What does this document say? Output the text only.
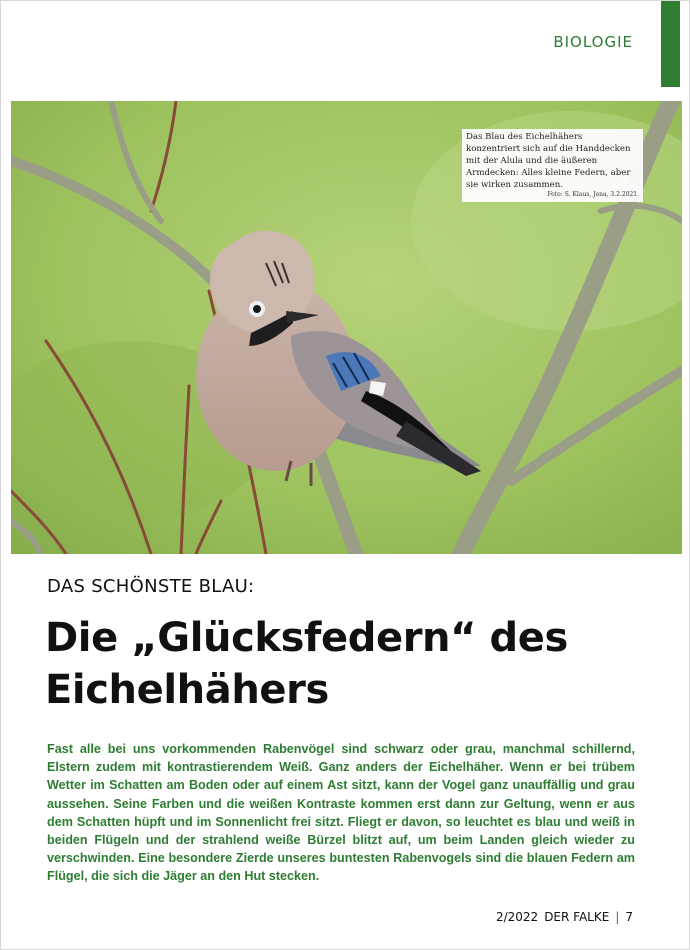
BIOLOGIE
Das Blau des Eichelhähers konzentriert sich auf die Handdecken mit der Alula und die äußeren Armdecken: Alles kleine Federn, aber sie wirken zusammen.
Foto: S. Klaus, Jena, 3.2.2021.
DAS SCHÖNSTE BLAU:
Die „Glücksfedern“ des Eichelhähers

Fast alle bei uns vorkommenden Rabenvögel sind schwarz oder grau, manchmal schillernd, Elstern zudem mit kontrastierendem Weiß. Ganz anders der Eichelhäher. Wenn er bei trübem Wetter im Schatten am Boden oder auf einem Ast sitzt, kann der Vogel ganz unauffällig und grau aussehen. Seine Farben und die weißen Kontraste kommen erst dann zur Geltung, wenn er aus dem Schatten hüpft und im Sonnenlicht frei sitzt. Fliegt er davon, so leuchtet es blau und weiß in beiden Flügeln und der strahlend weiße Bürzel blitzt auf, um beim Landen gleich wieder zu verschwinden. Eine besondere Zierde unseres buntesten Rabenvogels sind die blauen Federn am Flügel, die sich die Jäger an den Hut stecken.

2/2022 DER FALKE | 7
